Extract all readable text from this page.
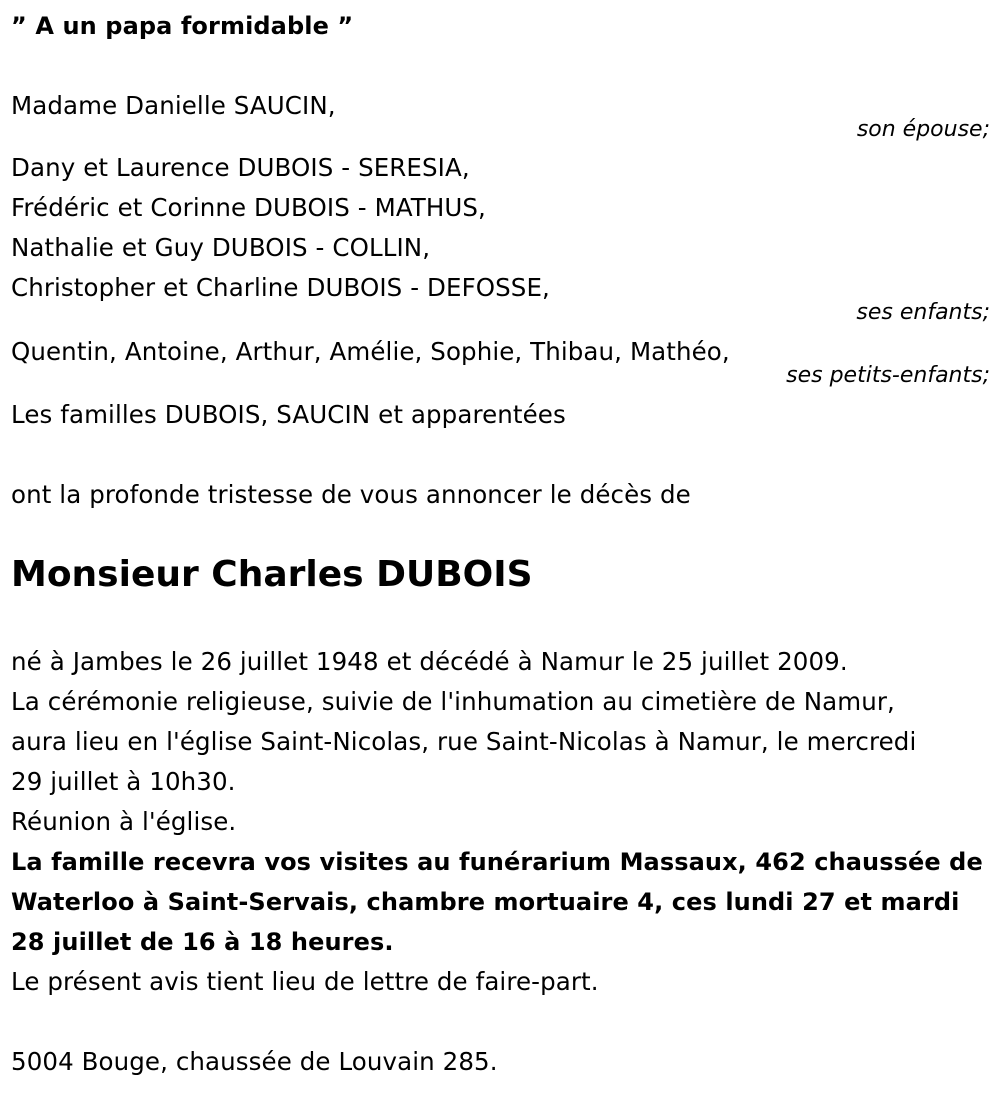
” A un papa formidable ”
Madame Danielle SAUCIN,
son épouse;
Dany et Laurence DUBOIS - SERESIA,
Frédéric et Corinne DUBOIS - MATHUS,
Nathalie et Guy DUBOIS - COLLIN,
Christopher et Charline DUBOIS - DEFOSSE,
ses enfants;
Quentin, Antoine, Arthur, Amélie, Sophie, Thibau, Mathéo,
ses petits-enfants;
Les familles DUBOIS, SAUCIN et apparentées
ont la profonde tristesse de vous annoncer le décès de
Monsieur Charles DUBOIS
né à Jambes le 26 juillet 1948 et décédé à Namur le 25 juillet 2009.
La cérémonie religieuse, suivie de l'inhumation au cimetière de Namur,
aura lieu en l'église Saint-Nicolas, rue Saint-Nicolas à Namur, le mercredi
29 juillet à 10h30.
Réunion à l'église.
La famille recevra vos visites au funérarium Massaux, 462 chaussée de
Waterloo à Saint-Servais, chambre mortuaire 4, ces lundi 27 et mardi
28 juillet de 16 à 18 heures.
Le présent avis tient lieu de lettre de faire-part.
5004 Bouge, chaussée de Louvain 285.
